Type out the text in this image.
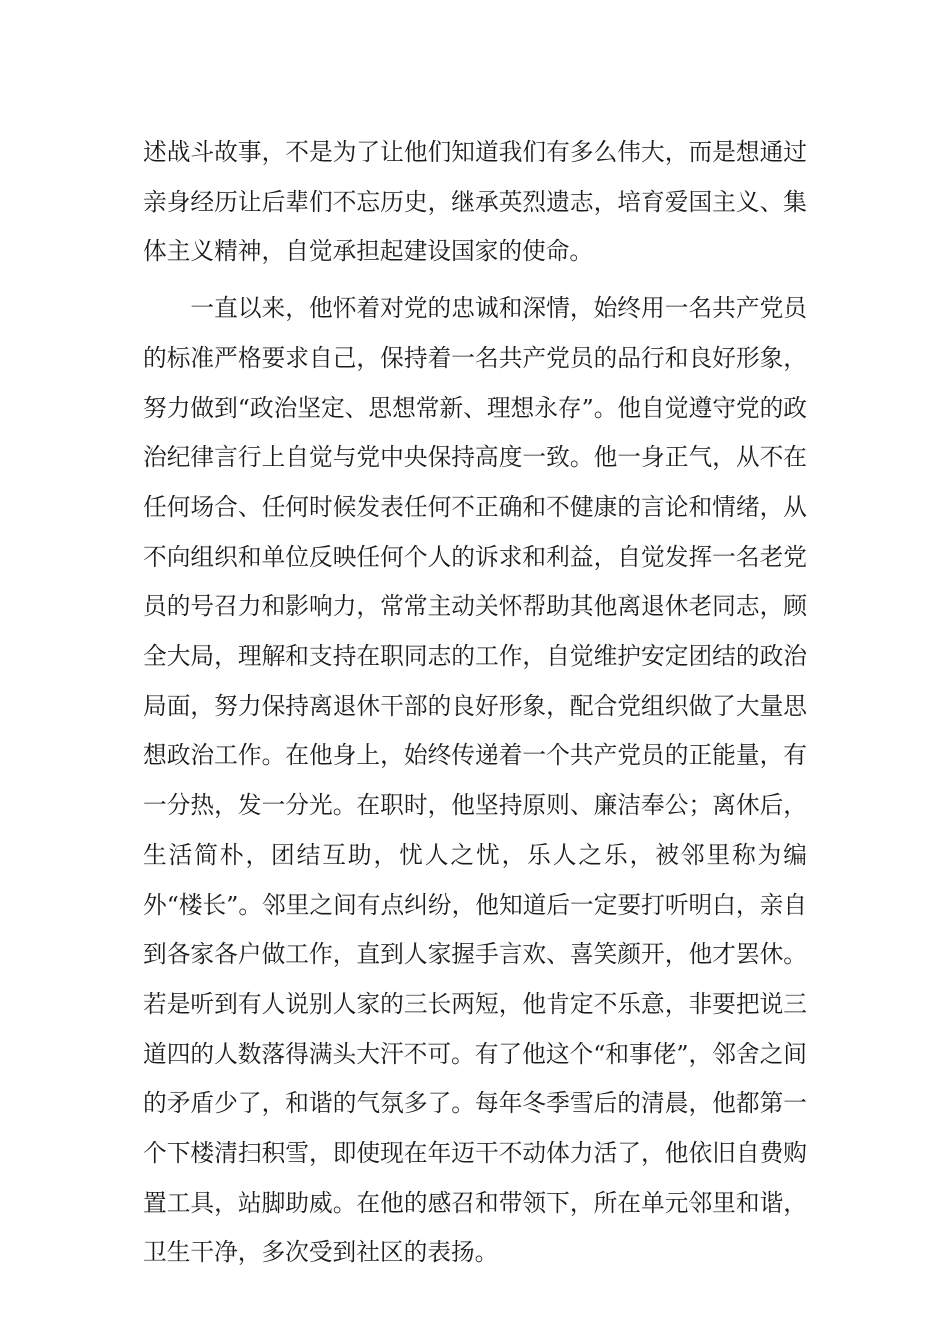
述战斗故事，不是为了让他们知道我们有多么伟大，而是想通过亲身经历让后辈们不忘历史，继承英烈遗志，培育爱国主义、集体主义精神，自觉承担起建设国家的使命。

一直以来，他怀着对党的忠诚和深情，始终用一名共产党员的标准严格要求自己，保持着一名共产党员的品行和良好形象，努力做到“政治坚定、思想常新、理想永存”。他自觉遵守党的政治纪律言行上自觉与党中央保持高度一致。他一身正气，从不在任何场合、任何时候发表任何不正确和不健康的言论和情绪，从不向组织和单位反映任何个人的诉求和利益，自觉发挥一名老党员的号召力和影响力，常常主动关怀帮助其他离退休老同志，顾全大局，理解和支持在职同志的工作，自觉维护安定团结的政治局面，努力保持离退休干部的良好形象，配合党组织做了大量思想政治工作。在他身上，始终传递着一个共产党员的正能量，有一分热，发一分光。在职时，他坚持原则、廉洁奉公；离休后，生活简朴，团结互助，忧人之忧，乐人之乐，被邻里称为编外“楼长”。邻里之间有点纠纷，他知道后一定要打听明白，亲自到各家各户做工作，直到人家握手言欢、喜笑颜开，他才罢休。若是听到有人说别人家的三长两短，他肯定不乐意，非要把说三道四的人数落得满头大汗不可。有了他这个“和事佬”，邻舍之间的矛盾少了，和谐的气氛多了。每年冬季雪后的清晨，他都第一个下楼清扫积雪，即使现在年迈干不动体力活了，他依旧自费购置工具，站脚助威。在他的感召和带领下，所在单元邻里和谐，卫生干净，多次受到社区的表扬。
